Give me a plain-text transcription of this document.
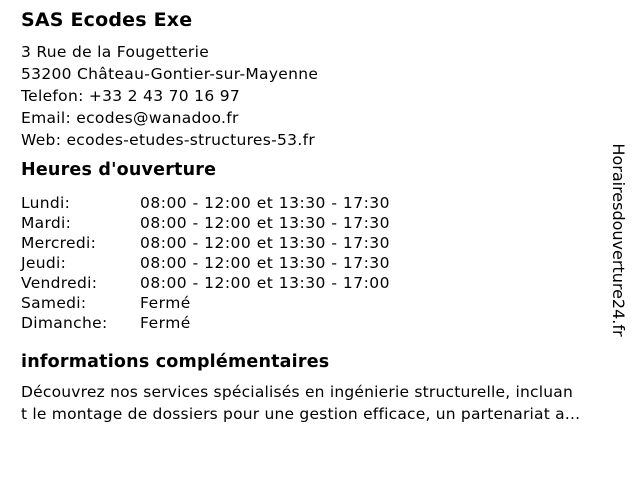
SAS Ecodes Exe
3 Rue de la Fougetterie
53200 Château-Gontier-sur-Mayenne
Telefon: +33 2 43 70 16 97
Email: ecodes@wanadoo.fr
Web: ecodes-etudes-structures-53.fr
Heures d'ouverture
Lundi:	08:00 - 12:00 et 13:30 - 17:30
Mardi:	08:00 - 12:00 et 13:30 - 17:30
Mercredi:	08:00 - 12:00 et 13:30 - 17:30
Jeudi:	08:00 - 12:00 et 13:30 - 17:30
Vendredi:	08:00 - 12:00 et 13:30 - 17:00
Samedi:	Fermé
Dimanche:	Fermé
informations complémentaires
Découvrez nos services spécialisés en ingénierie structurelle, incluan
t le montage de dossiers pour une gestion efficace, un partenariat a...
Horairesdouverture24.fr
